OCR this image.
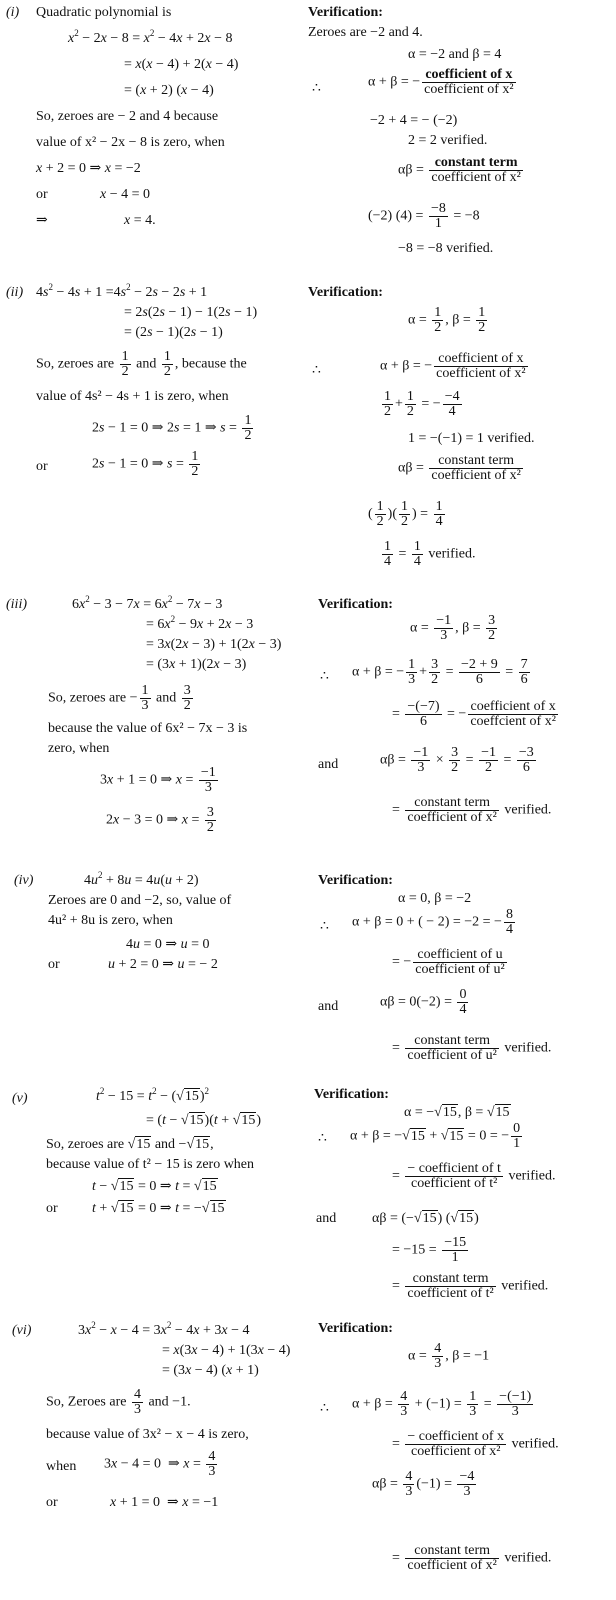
(i) Quadratic polynomial is
$x^2 - 2x - 8 = x^2 - 4x + 2x - 8$
= x(x − 4) + 2(x − 4)
= (x + 2) (x − 4)
So, zeroes are − 2 and 4 because
value of x² − 2x − 8 is zero, when
x + 2 = 0 ⇒ x = −2
or	x − 4 = 0
⇒	x = 4.
Verification:
Zeroes are −2 and 4.
α = −2 and β = 4
∴	α + β = − $\frac{\text{coefficient of x}}{\text{coefficient of x²}}$
−2 + 4 = − (−2)
2 = 2 verified.
$\alpha\beta = \frac{\text{constant term}}{\text{coefficient of x²}}$
(−2) $(4) = \frac{-8}{1} = -8$
−8 = −8 verified.
(ii) $4s^2 - 4s + 1 =4s^2 - 2s - 2s + 1$
= 2s(2s − 1) − 1(2s − 1)
= (2s − 1)(2s − 1)
So, zeroes are $\frac{1}{2}$ and $\frac{1}{2}$ , because the
value of 4s² − 4s + 1 is zero, when
2s − 1 = 0 ⇒ 2s = 1 ⇒ $s = \frac{1}{2}$
or	2s − 1 = 0 ⇒ $s = \frac{1}{2}$
Verification:
$\alpha = \frac{1}{2}$ , $\beta = \frac{1}{2}$
∴	α + β = − $\frac{\text{coefficient of x}}{\text{coefficient of x²}}$
$\frac{1}{2} + \frac{1}{2}$ = − $\frac{-4}{4}$
1 = −(−1) = 1 verified.
$\alpha\beta = \frac{\text{constant term}}{\text{coefficient of x²}}$
( $\frac{1}{2}$ )( $\frac{1}{2}$ ) = $\frac{1}{4}$
$\frac{1}{4} = \frac{1}{4}$ verified.
(iii)	$6x^2 - 3 - 7x = 6x^2 - 7x - 3$
= $6x^2 - 9x + 2x - 3$
= 3x(2x − 3) + 1(2x − 3)
= (3x + 1)(2x − 3)
So, zeroes are − $\frac{1}{3}$ and $\frac{3}{2}$
because the value of 6x² − 7x − 3 is
zero, when
3x + 1 = 0 ⇒ $x = \frac{-1}{3}$
2x − 3 = 0 ⇒ $x = \frac{3}{2}$
Verification:
$\alpha = \frac{-1}{3}$ , $\beta = \frac{3}{2}$
∴ α + β = − $\frac{1}{3} + \frac{3}{2} = \frac{-2 + 9}{6} = \frac{7}{6}$
= $\frac{-(-7)}{6}$ = − $\frac{\text{coefficient of x}}{\text{coeffcient of x²}}$
and	$\alpha\beta = \frac{-1}{3} \times \frac{3}{2} = \frac{-1}{2} = \frac{-3}{6}$
= $\frac{\text{constant term}}{\text{coefficient of x²}}$ verified.
(iv)	$4u^2 + 8u = 4u(u + 2)$
Zeroes are 0 and −2, so, value of
4u² + 8u is zero, when
4u = 0 ⇒ u = 0
or	u + 2 = 0 ⇒ u = − 2
Verification:
α = 0, β = −2
∴ α + β = 0 + ( − 2) = −2 = − $\frac{8}{4}$
= − $\frac{\text{coefficient of u}}{\text{coefficient of u²}}$
and	$\alpha\beta = 0(-2) = \frac{0}{4}$
= $\frac{\text{constant term}}{\text{coefficient of u²}}$ verified.
(v)	$t^2 - 15 = t^2 - (√15)^2$
= (t − √15)(t + √15)
So, zeroes are √15 and −√15,
because value of t² − 15 is zero when
t − √15 = 0 ⇒ t = √15
or t + √15 = 0 ⇒ t = −√15
Verification:
α = −√15, β = √15
∴ α + β = −√15 + √15 = 0 = − $\frac{0}{1}$
= $\frac{\text{− coefficient of t}}{\text{coefficient of t²}}$ verified.
and	αβ = (−√15) (√15)
= $-15 = \frac{-15}{1}$
= $\frac{\text{constant term}}{\text{coefficient of t²}}$ verified.
(vi)	$3x^2 - x - 4 = 3x^2 - 4x + 3x - 4$
= x(3x − 4) + 1(3x − 4)
= (3x − 4) (x + 1)
So, Zeroes are $\frac{4}{3}$ and −1.
because value of 3x² − x − 4 is zero,
when 3x − 4 = 0  ⇒ $x = \frac{4}{3}$
or	x + 1 = 0  ⇒ x = −1
Verification:
$\alpha = \frac{4}{3}$ , β = −1
∴ $\alpha + \beta = \frac{4}{3} + (-1) = \frac{1}{3} = \frac{-(-1)}{3}$
= $\frac{\text{− coefficient of x}}{\text{coefficient of x²}}$ verified.
$\alpha\beta = \frac{4}{3} (-1) = \frac{-4}{3}$
= $\frac{\text{constant term}}{\text{coefficient of x²}}$ verified.
